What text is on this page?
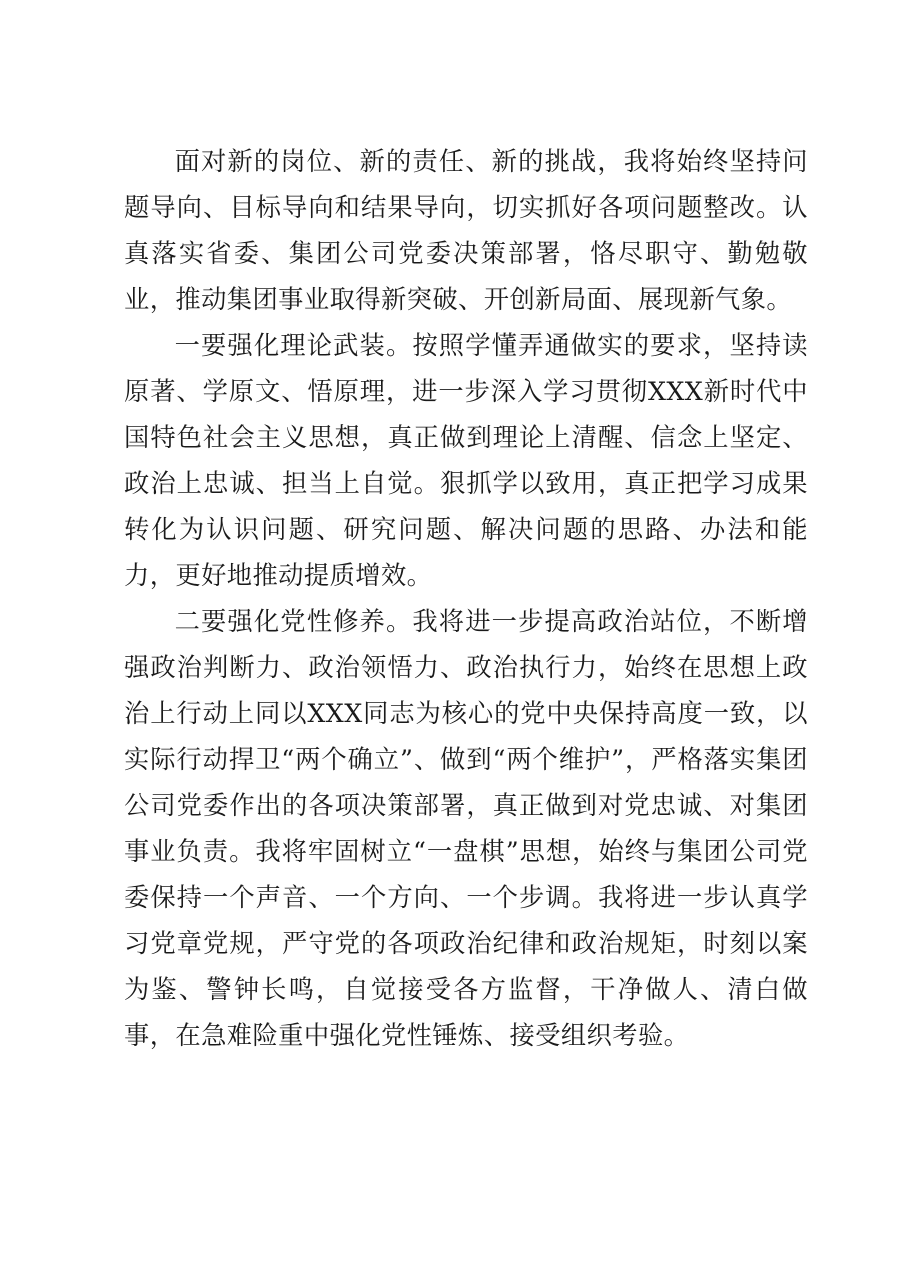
面对新的岗位、新的责任、新的挑战，我将始终坚持问题导向、目标导向和结果导向，切实抓好各项问题整改。认真落实省委、集团公司党委决策部署，恪尽职守、勤勉敬业，推动集团事业取得新突破、开创新局面、展现新气象。

一要强化理论武装。按照学懂弄通做实的要求，坚持读原著、学原文、悟原理，进一步深入学习贯彻XXX新时代中国特色社会主义思想，真正做到理论上清醒、信念上坚定、政治上忠诚、担当上自觉。狠抓学以致用，真正把学习成果转化为认识问题、研究问题、解决问题的思路、办法和能力，更好地推动提质增效。

二要强化党性修养。我将进一步提高政治站位，不断增强政治判断力、政治领悟力、政治执行力，始终在思想上政治上行动上同以XXX同志为核心的党中央保持高度一致，以实际行动捍卫“两个确立”、做到“两个维护”，严格落实集团公司党委作出的各项决策部署，真正做到对党忠诚、对集团事业负责。我将牢固树立“一盘棋”思想，始终与集团公司党委保持一个声音、一个方向、一个步调。我将进一步认真学习党章党规，严守党的各项政治纪律和政治规矩，时刻以案为鉴、警钟长鸣，自觉接受各方监督，干净做人、清白做事，在急难险重中强化党性锤炼、接受组织考验。
